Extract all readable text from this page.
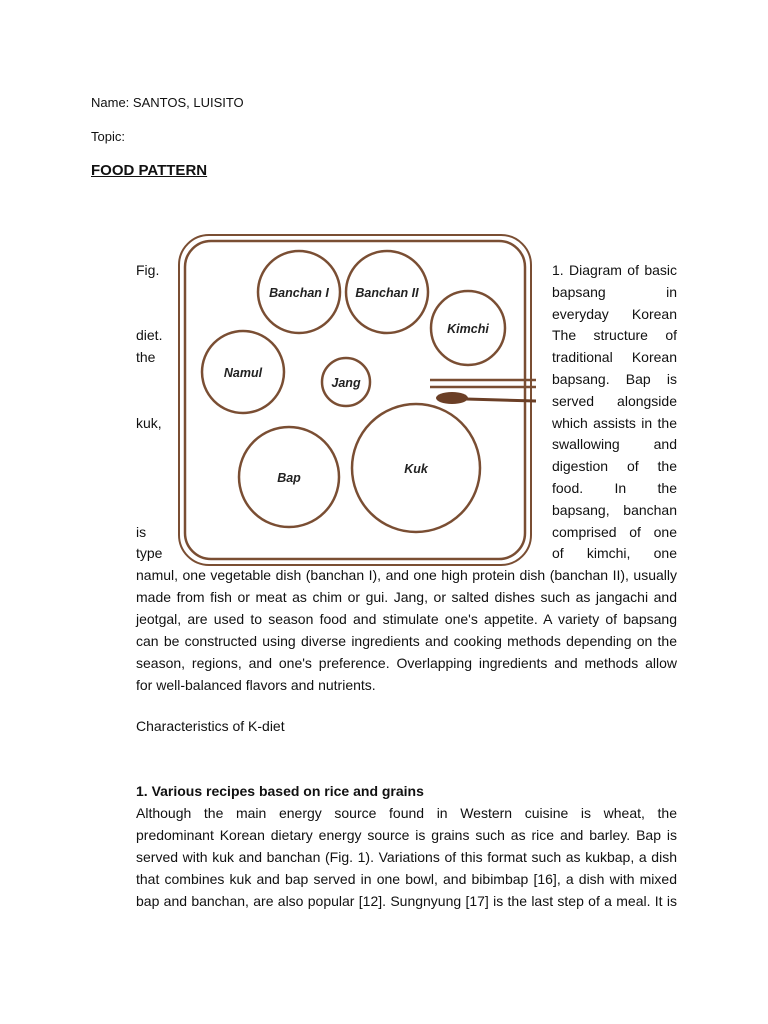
Name: SANTOS, LUISITO
Topic:
FOOD PATTERN
Banchan I Banchan II
Kimchi
Namul
Jang
Bap
Kuk
Fig.
diet.
the
kuk,
is
type
1. Diagram of basic
bapsang in
everyday Korean
The structure of
traditional Korean
bapsang. Bap is
served alongside
which assists in the
swallowing and
digestion of the
food. In the
bapsang, banchan
comprised of one
of kimchi, one
namul, one vegetable dish (banchan I), and one high protein dish (banchan II), usually
made from fish or meat as chim or gui. Jang, or salted dishes such as jangachi and
jeotgal, are used to season food and stimulate one's appetite. A variety of bapsang
can be constructed using diverse ingredients and cooking methods depending on the
season, regions, and one's preference. Overlapping ingredients and methods allow
for well-balanced flavors and nutrients.
Characteristics of K-diet
1. Various recipes based on rice and grains
Although the main energy source found in Western cuisine is wheat, the
predominant Korean dietary energy source is grains such as rice and barley. Bap is
served with kuk and banchan (Fig. 1). Variations of this format such as kukbap, a dish
that combines kuk and bap served in one bowl, and bibimbap [16], a dish with mixed
bap and banchan, are also popular [12]. Sungnyung [17] is the last step of a meal. It is
